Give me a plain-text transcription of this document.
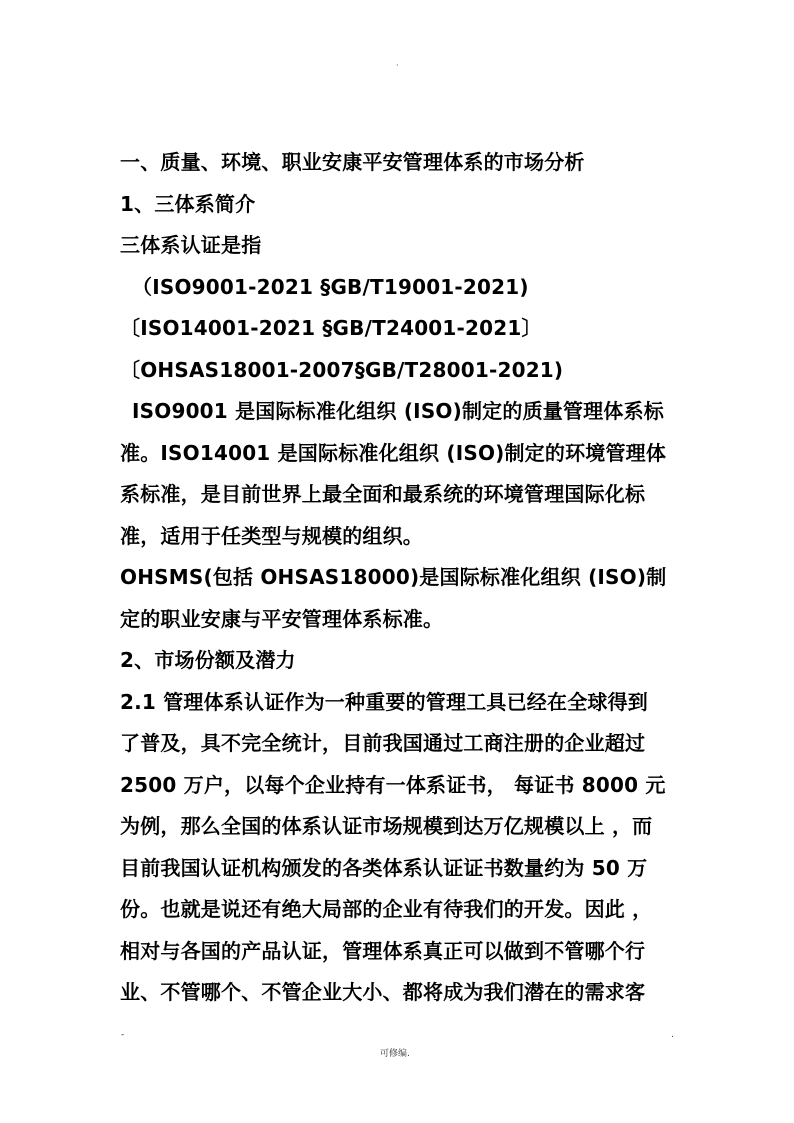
·
一、质量、环境、职业安康平安管理体系的市场分析
1、三体系简介
三体系认证是指
（ISO9001-2021 §GB/T19001-2021)
〔ISO14001-2021 §GB/T24001-2021〕
〔OHSAS18001-2007§GB/T28001-2021)
ISO9001 是国际标准化组织 (ISO)制定的质量管理体系标
准。ISO14001 是国际标准化组织 (ISO)制定的环境管理体
系标准，是目前世界上最全面和最系统的环境管理国际化标
准，适用于任类型与规模的组织。
OHSMS(包括 OHSAS18000)是国际标准化组织 (ISO)制
定的职业安康与平安管理体系标准。
2、市场份额及潜力
2.1 管理体系认证作为一种重要的管理工具已经在全球得到
了普及，具不完全统计，目前我国通过工商注册的企业超过
2500 万户，以每个企业持有一体系证书， 每证书 8000 元
为例，那么全国的体系认证市场规模到达万亿规模以上 ，而
目前我国认证机构颁发的各类体系认证证书数量约为 50 万
份。也就是说还有绝大局部的企业有待我们的开发。因此 ，
相对与各国的产品认证，管理体系真正可以做到不管哪个行
业、不管哪个、不管企业大小、都将成为我们潜在的需求客
-
可修编.
.
